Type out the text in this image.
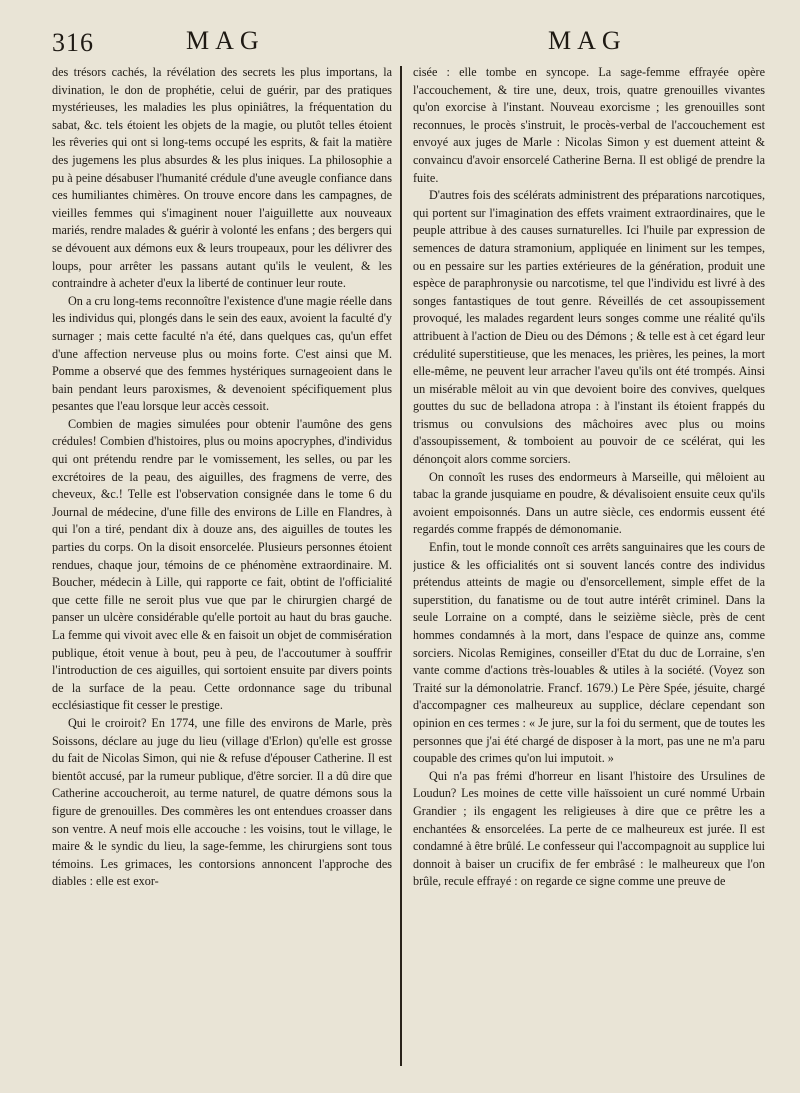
316	MAG	MAG

des trésors cachés, la révélation des secrets les plus importans, la divination, le don de prophétie, celui de guérir, par des pratiques mystérieuses, les maladies les plus opiniâtres, la fréquentation du sabat, &c. tels étoient les objets de la magie, ou plutôt telles étoient les rêveries qui ont si long-tems occupé les esprits, & fait la matière des jugemens les plus absurdes & les plus iniques. La philosophie a pu à peine désabuser l'humanité crédule d'une aveugle confiance dans ces humiliantes chimères. On trouve encore dans les campagnes, de vieilles femmes qui s'imaginent nouer l'aiguillette aux nouveaux mariés, rendre malades & guérir à volonté les enfans ; des bergers qui se dévouent aux démons eux & leurs troupeaux, pour les délivrer des loups, pour arrêter les passans autant qu'ils le veulent, & les contraindre à acheter d'eux la liberté de continuer leur route.

On a cru long-tems reconnoître l'existence d'une magie réelle dans les individus qui, plongés dans le sein des eaux, avoient la faculté d'y surnager ; mais cette faculté n'a été, dans quelques cas, qu'un effet d'une affection nerveuse plus ou moins forte. C'est ainsi que M. Pomme a observé que des femmes hystériques surnageoient dans le bain pendant leurs paroxismes, & devenoient spécifiquement plus pesantes que l'eau lorsque leur accès cessoit.

Combien de magies simulées pour obtenir l'aumône des gens crédules! Combien d'histoires, plus ou moins apocryphes, d'individus qui ont prétendu rendre par le vomissement, les selles, ou par les excrétoires de la peau, des aiguilles, des fragmens de verre, des cheveux, &c.! Telle est l'observation consignée dans le tome 6 du Journal de médecine, d'une fille des environs de Lille en Flandres, à qui l'on a tiré, pendant dix à douze ans, des aiguilles de toutes les parties du corps. On la disoit ensorcelée. Plusieurs personnes étoient rendues, chaque jour, témoins de ce phénomène extraordinaire. M. Boucher, médecin à Lille, qui rapporte ce fait, obtint de l'officialité que cette fille ne seroit plus vue que par le chirurgien chargé de panser un ulcère considérable qu'elle portoit au haut du bras gauche. La femme qui vivoit avec elle & en faisoit un objet de commisération publique, étoit venue à bout, peu à peu, de l'accoutumer à souffrir l'introduction de ces aiguilles, qui sortoient ensuite par divers points de la surface de la peau. Cette ordonnance sage du tribunal ecclésiastique fit cesser le prestige.

Qui le croiroit? En 1774, une fille des environs de Marle, près Soissons, déclare au juge du lieu (village d'Erlon) qu'elle est grosse du fait de Nicolas Simon, qui nie & refuse d'épouser Catherine. Il est bientôt accusé, par la rumeur publique, d'être sorcier. Il a dû dire que Catherine accoucheroit, au terme naturel, de quatre démons sous la figure de grenouilles. Des commères les ont entendues croasser dans son ventre. A neuf mois elle accouche : les voisins, tout le village, le maire & le syndic du lieu, la sage-femme, les chirurgiens sont tous témoins. Les grimaces, les contorsions annoncent l'approche des diables : elle est exor-

cisée : elle tombe en syncope. La sage-femme effrayée opère l'accouchement, & tire une, deux, trois, quatre grenouilles vivantes qu'on exorcise à l'instant. Nouveau exorcisme ; les grenouilles sont reconnues, le procès s'instruit, le procès-verbal de l'accouchement est envoyé aux juges de Marle : Nicolas Simon y est duement atteint & convaincu d'avoir ensorcelé Catherine Berna. Il est obligé de prendre la fuite.

D'autres fois des scélérats administrent des préparations narcotiques, qui portent sur l'imagination des effets vraiment extraordinaires, que le peuple attribue à des causes surnaturelles. Ici l'huile par expression de semences de datura stramonium, appliquée en liniment sur les tempes, ou en pessaire sur les parties extérieures de la génération, produit une espèce de paraphronysie ou narcotisme, tel que l'individu est livré à des songes fantastiques de tout genre. Réveillés de cet assoupissement provoqué, les malades regardent leurs songes comme une réalité qu'ils attribuent à l'action de Dieu ou des Démons ; & telle est à cet égard leur crédulité superstitieuse, que les menaces, les prières, les peines, la mort elle-même, ne peuvent leur arracher l'aveu qu'ils ont été trompés. Ainsi un misérable mêloit au vin que devoient boire des convives, quelques gouttes du suc de belladona atropa : à l'instant ils étoient frappés du trismus ou convulsions des mâchoires avec plus ou moins d'assoupissement, & tomboient au pouvoir de ce scélérat, qui les dénonçoit alors comme sorciers.

On connoît les ruses des endormeurs à Marseille, qui mêloient au tabac la grande jusquiame en poudre, & dévalisoient ensuite ceux qu'ils avoient empoisonnés. Dans un autre siècle, ces endormis eussent été regardés comme frappés de démonomanie.

Enfin, tout le monde connoît ces arrêts sanguinaires que les cours de justice & les officialités ont si souvent lancés contre des individus prétendus atteints de magie ou d'ensorcellement, simple effet de la superstition, du fanatisme ou de tout autre intérêt criminel. Dans la seule Lorraine on a compté, dans le seizième siècle, près de cent hommes condamnés à la mort, dans l'espace de quinze ans, comme sorciers. Nicolas Remigines, conseiller d'Etat du duc de Lorraine, s'en vante comme d'actions très-louables & utiles à la société. (Voyez son Traité sur la démonolatrie. Francf. 1679.) Le Père Spée, jésuite, chargé d'accompagner ces malheureux au supplice, déclare cependant son opinion en ces termes : « Je jure, sur la foi du serment, que de toutes les personnes que j'ai été chargé de disposer à la mort, pas une ne m'a paru coupable des crimes qu'on lui imputoit. »

Qui n'a pas frémi d'horreur en lisant l'histoire des Ursulines de Loudun? Les moines de cette ville haïssoient un curé nommé Urbain Grandier ; ils engagent les religieuses à dire que ce prêtre les a enchantées & ensorcelées. La perte de ce malheureux est jurée. Il est condamné à être brûlé. Le confesseur qui l'accompagnoit au supplice lui donnoit à baiser un crucifix de fer embrâsé : le malheureux que l'on brûle, recule effrayé : on regarde ce signe comme une preuve de
